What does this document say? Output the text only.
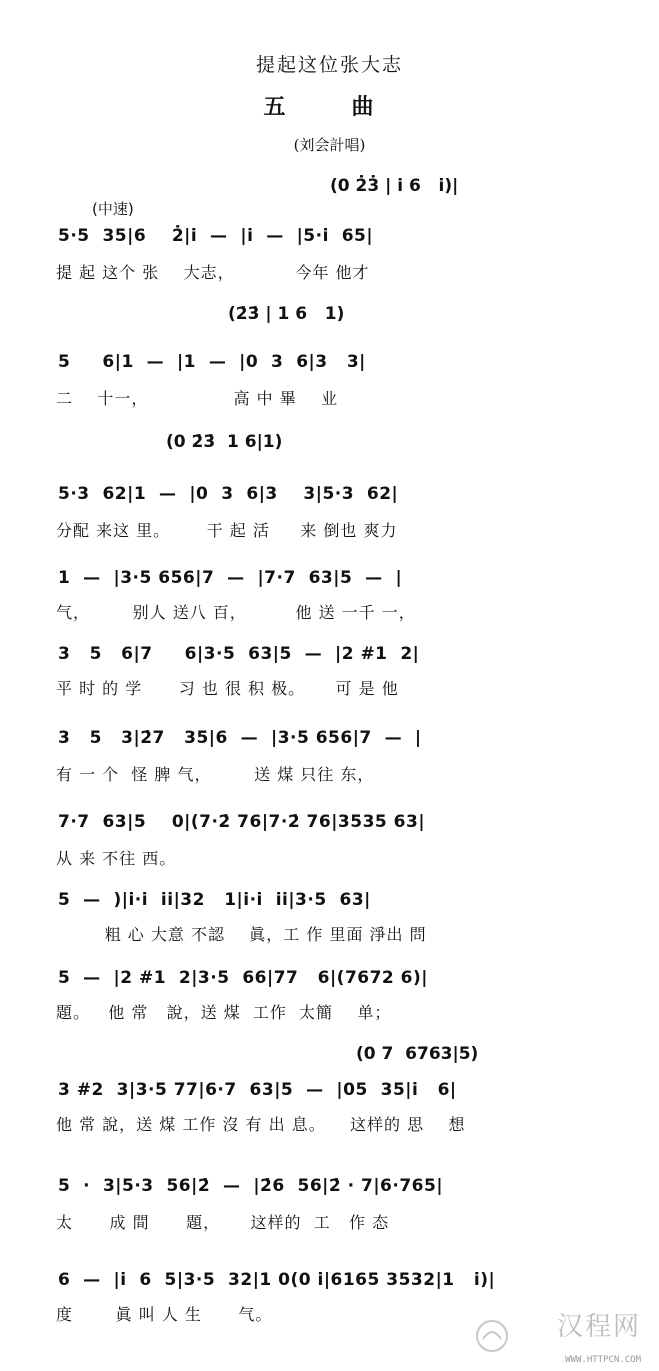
提起这位张大志
五　曲
(刘会計唱)
(中速)
(0 2̇3̇ | i 6   i)|
5·5  35|6    2̇|i  —  |i  —  |5·i  65|
提 起 这个 张    大志，          今年 他才
(2̇3̇ | 1 6   1)
5     6|1  —  |1  —  |0  3  6|3   3|
二    十一，              高 中 畢    业
(0 2̇3̇  1 6|1)
5·3  62|1  —  |0  3  6|3    3|5·3  62|
分配 来这 里。      干 起 活     来 倒也 爽力
1  —  |3·5 656|7  —  |7·7  63|5  —  |
气，       别人 送八 百，        他 送 一千 一，
3   5   6|7     6|3·5  63|5  —  |2 #1  2|
平 时 的 学      习 也 很 积 极。     可 是 他
3   5   3|2̇7   35|6  —  |3·5 656|7  —  |
有 一 个  怪 脾 气，       送 煤 只往 东，
7·7  63|5    0|(7·2̇ 76|7·2̇ 76|3535 63|
从 来 不往 西。
5  —  )|i·i  ii|32   1|i·i  ii|3·5  63|
粗 心 大意 不認    眞，工 作 里面 淨出 問
5  —  |2 #1  2|3·5  66|77   6|(7672 6)|
題。   他 常   說，送 煤  工作  太簡    单；
(0 7  6763|5)
3 #2  3|3·5 77|6·7  63|5  —  |05  35|i   6|
他 常 說，送 煤 工作 沒 有 出 息。    这样的 思    想
5  ·  3|5·3  56|2̇  —  |2̇6  56|2̇ · 7|6·765|
太      成 間      題，     这样的  工   作 态
6  —  |i  6  5|3·5  32|1 0(0 i|6165 3532|1   i)|
度       眞 叫 人 生      气。	汉程网
WWW.HTTPCN.COM
